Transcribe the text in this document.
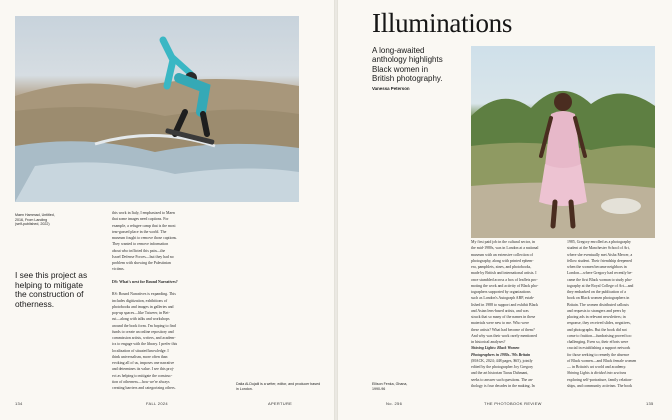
Maen Hammad, Untitled,
2016, From Landing
(self-published, 2022)
I see this project as
helping to mitigate
the construction of
otherness.
this work in Italy, I emphasized to Maen
that some images need captions. For
example, a refugee camp that is the most
tear-gassed place in the world. The
museum fought to remove those captions.
They wanted to remove information
about who inflicted this pain—the
Israel Defense Forces—but they had no
problem with showing the Palestinian
victims.

DS: What's next for Bound Narratives?

RS: Bound Narratives is expanding. This
includes digitization, exhibitions of
photobooks and images in galleries and
pop-up spaces—like Tatweer, in Bei-
rut—along with talks and workshops
around the book form. I'm hoping to find
funds to create an online repository and
commission artists, writers, and academ-
ics to engage with the library. I prefer this
localization of situated knowledge. I
think universalism, more often than
evoking all of us, imposes one narrative
and determines its value. I see this proj-
ect as helping to mitigate the construc-
tion of otherness—how we're always
creating barriers and categorizing others.
Dalia Al-Dujaili is a writer, editor, and producer based
in London.
134	FALL 2024	APERTURE
Illuminations
A long-awaited
anthology highlights
Black women in
British photography.
Vanessa Peterson
My first paid job in the cultural sector, in
the mid-1980s, was in London at a national
museum with an extensive collection of
photography, along with printed ephem-
era, pamphlets, zines, and photobooks,
made by British and international artists. I
once stumbled across a box of leaflets pro-
moting the work and activity of Black pho-
tographers supported by organizations
such as London's Autograph ABP, estab-
lished in 1988 to support and exhibit Black
and Asian lens-based artists, and was
struck that so many of the names in these
materials were new to me. Who were
these artists? What had become of them?
And why was their work rarely mentioned
in historical analyses?
Shining Lights: Black Women
Photographers in 1980s–'90s Britain
(MACK, 2024; 448 pages, $65), jointly
edited by the photographer Joy Gregory
and the art historian Taous Dahmani,
seeks to answer such questions. The an-
thology is four decades in the making. In
1985, Gregory enrolled as a photography
student at the Manchester School of Art,
where she eventually met Aisha Mercer, a
fellow student. Their friendship deepened
when the women became neighbors in
London—where Gregory had recently be-
came the first Black woman to study pho-
tography at the Royal College of Art—and
they embarked on the publication of a
book on Black women photographers in
Britain. The women distributed callouts
and requests to strangers and peers by
placing ads in relevant newsletters; in
response, they received slides, negatives,
and photographs. But the book did not
come to fruition—fundraising proved too
challenging. Even so, their efforts were
crucial in establishing a support network
for those seeking to remedy the absence
of Black women—and Black female women
— in Britain's art world and academy.
Shining Lights is divided into sections
exploring self-portraiture, family relation-
ships, and community activism. The book
Ellison Fenka, Ghana,
1990-96
No. 256	THE PHOTOBOOK REVIEW	135
